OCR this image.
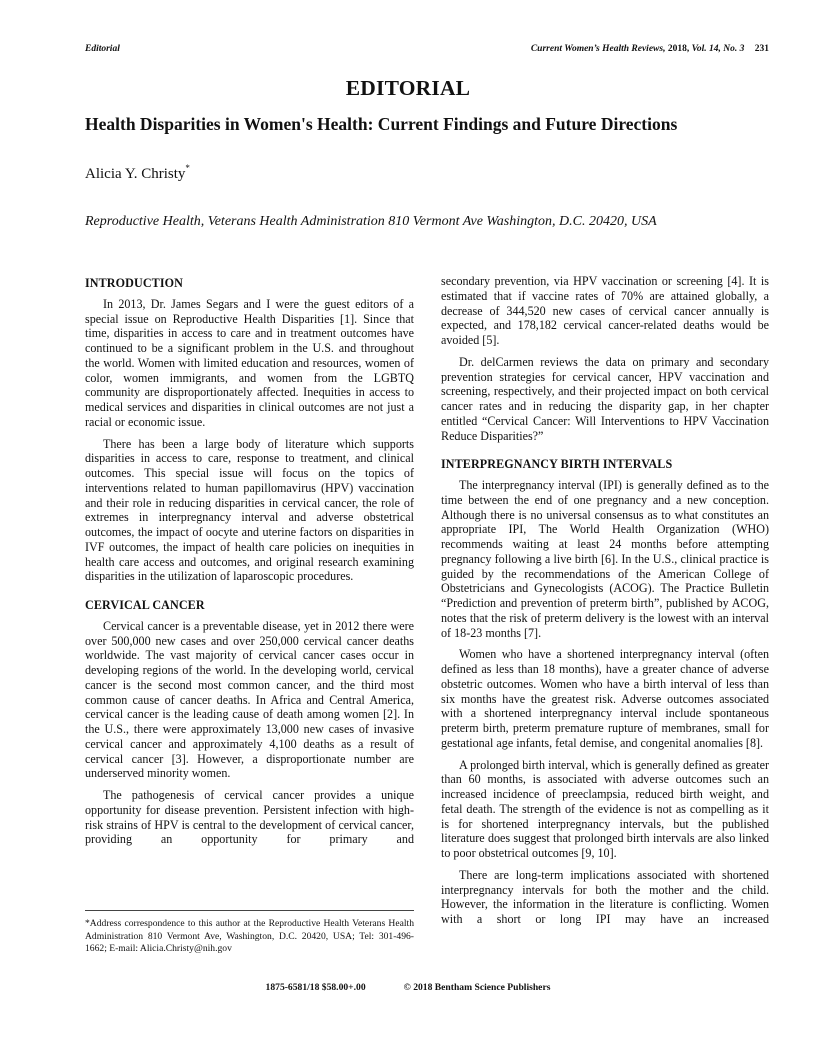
Editorial	Current Women’s Health Reviews, 2018, Vol. 14, No. 3 231
EDITORIAL
Health Disparities in Women's Health: Current Findings and Future Directions
Alicia Y. Christy*
Reproductive Health, Veterans Health Administration 810 Vermont Ave Washington, D.C. 20420, USA
INTRODUCTION

In 2013, Dr. James Segars and I were the guest editors of a special issue on Reproductive Health Disparities [1]. Since that time, disparities in access to care and in treatment outcomes have continued to be a significant problem in the U.S. and throughout the world. Women with limited education and resources, women of color, women immigrants, and women from the LGBTQ community are disproportionately affected. Inequities in access to medical services and disparities in clinical outcomes are not just a racial or economic issue.

There has been a large body of literature which supports disparities in access to care, response to treatment, and clinical outcomes. This special issue will focus on the topics of interventions related to human papillomavirus (HPV) vaccination and their role in reducing disparities in cervical cancer, the role of extremes in interpregnancy interval and adverse obstetrical outcomes, the impact of oocyte and uterine factors on disparities in IVF outcomes, the impact of health care policies on inequities in health care access and outcomes, and original research examining disparities in the utilization of laparoscopic procedures.

CERVICAL CANCER

Cervical cancer is a preventable disease, yet in 2012 there were over 500,000 new cases and over 250,000 cervical cancer deaths worldwide. The vast majority of cervical cancer cases occur in developing regions of the world. In the developing world, cervical cancer is the second most common cancer, and the third most common cause of cancer deaths. In Africa and Central America, cervical cancer is the leading cause of death among women [2]. In the U.S., there were approximately 13,000 new cases of invasive cervical cancer and approximately 4,100 deaths as a result of cervical cancer [3]. However, a disproportionate number are underserved minority women.

The pathogenesis of cervical cancer provides a unique opportunity for disease prevention. Persistent infection with high-risk strains of HPV is central to the development of cervical cancer, providing an opportunity for primary and

secondary prevention, via HPV vaccination or screening [4]. It is estimated that if vaccine rates of 70% are attained globally, a decrease of 344,520 new cases of cervical cancer annually is expected, and 178,182 cervical cancer-related deaths would be avoided [5].

Dr. delCarmen reviews the data on primary and secondary prevention strategies for cervical cancer, HPV vaccination and screening, respectively, and their projected impact on both cervical cancer rates and in reducing the disparity gap, in her chapter entitled “Cervical Cancer: Will Interventions to HPV Vaccination Reduce Disparities?”

INTERPREGNANCY BIRTH INTERVALS

The interpregnancy interval (IPI) is generally defined as to the time between the end of one pregnancy and a new conception. Although there is no universal consensus as to what constitutes an appropriate IPI, The World Health Organization (WHO) recommends waiting at least 24 months before attempting pregnancy following a live birth [6]. In the U.S., clinical practice is guided by the recommendations of the American College of Obstetricians and Gynecologists (ACOG). The Practice Bulletin “Prediction and prevention of preterm birth”, published by ACOG, notes that the risk of preterm delivery is the lowest with an interval of 18-23 months [7].

Women who have a shortened interpregnancy interval (often defined as less than 18 months), have a greater chance of adverse obstetric outcomes. Women who have a birth interval of less than six months have the greatest risk. Adverse outcomes associated with a shortened interpregnancy interval include spontaneous preterm birth, preterm premature rupture of membranes, small for gestational age infants, fetal demise, and congenital anomalies [8].

A prolonged birth interval, which is generally defined as greater than 60 months, is associated with adverse outcomes such an increased incidence of preeclampsia, reduced birth weight, and fetal death. The strength of the evidence is not as compelling as it is for shortened interpregnancy intervals, but the published literature does suggest that prolonged birth intervals are also linked to poor obstetrical outcomes [9, 10].

There are long-term implications associated with shortened interpregnancy intervals for both the mother and the child. However, the information in the literature is conflicting. Women with a short or long IPI may have an increased

*Address correspondence to this author at the Reproductive Health Veterans Health Administration 810 Vermont Ave, Washington, D.C. 20420, USA; Tel: 301-496-1662; E-mail: Alicia.Christy@nih.gov
1875-6581/18 $58.00+.00	© 2018 Bentham Science Publishers
